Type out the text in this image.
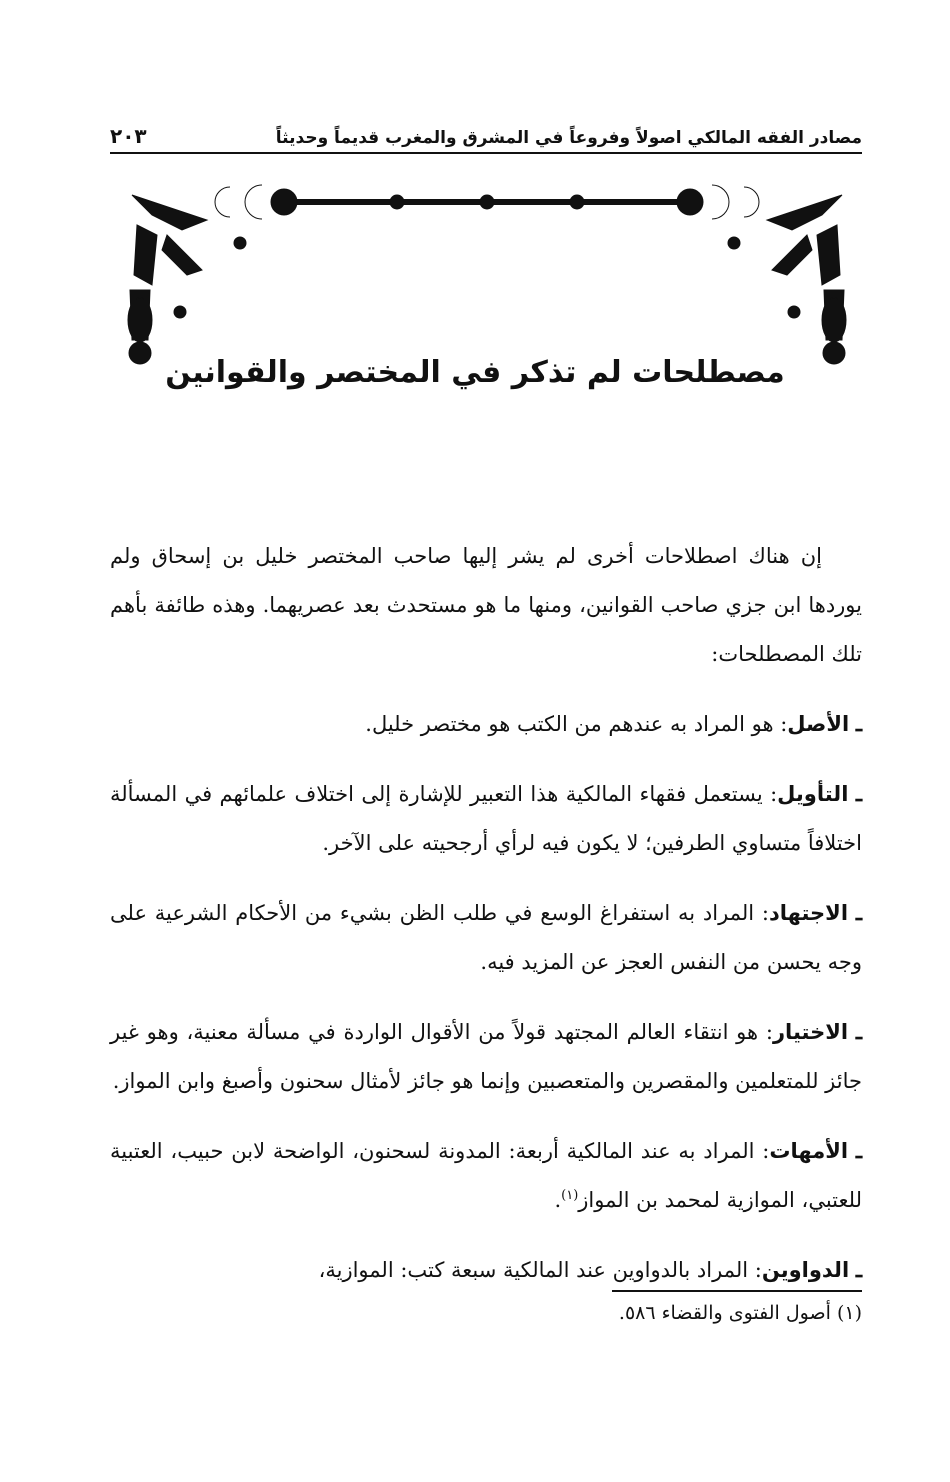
مصادر الفقه المالكي اصولاً وفروعاً في المشرق والمغرب قديماً وحديثاً
٢٠٣
مصطلحات لم تذكر في المختصر والقوانين

إن هناك اصطلاحات أخرى لم يشر إليها صاحب المختصر خليل بن إسحاق ولم يوردها ابن جزي صاحب القوانين، ومنها ما هو مستحدث بعد عصريهما. وهذه طائفة بأهم تلك المصطلحات:

ـ الأصل: هو المراد به عندهم من الكتب هو مختصر خليل.

ـ التأويل: يستعمل فقهاء المالكية هذا التعبير للإشارة إلى اختلاف علمائهم في المسألة اختلافاً متساوي الطرفين؛ لا يكون فيه لرأي أرجحيته على الآخر.

ـ الاجتهاد: المراد به استفراغ الوسع في طلب الظن بشيء من الأحكام الشرعية على وجه يحسن من النفس العجز عن المزيد فيه.

ـ الاختيار: هو انتقاء العالم المجتهد قولاً من الأقوال الواردة في مسألة معنية، وهو غير جائز للمتعلمين والمقصرين والمتعصبين وإنما هو جائز لأمثال سحنون وأصبغ وابن المواز.

ـ الأمهات: المراد به عند المالكية أربعة: المدونة لسحنون، الواضحة لابن حبيب، العتبية للعتبي، الموازية لمحمد بن المواز$^{(١)}$.

ـ الدواوين: المراد بالدواوين عند المالكية سبعة كتب: الموازية،

(١) أصول الفتوى والقضاء ٥٨٦.
